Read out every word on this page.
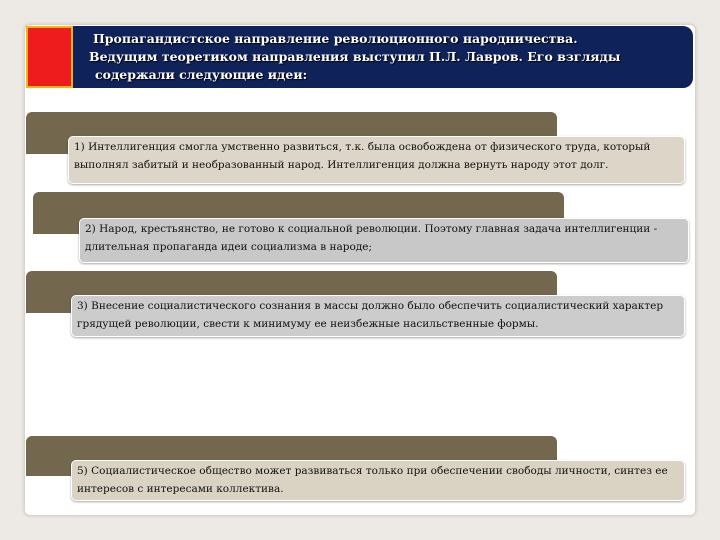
Пропагандистское направление революционного народничества.
Ведущим теоретиком направления выступил П.Л. Лавров. Его взгляды
содержали следующие идеи:
1) Интеллигенция смогла умственно развиться, т.к. была освобождена от физического труда, который выполнял забитый и необразованный народ. Интеллигенция должна вернуть народу этот долг.
2) Народ, крестьянство, не готово к социальной революции. Поэтому главная задача интеллигенции - длительная пропаганда идеи социализма в народе;
3) Внесение социалистического сознания в массы должно было обеспечить социалистический характер грядущей революции, свести к минимуму ее неизбежные насильственные формы.
5) Социалистическое общество может развиваться только при обеспечении свободы личности, синтез ее интересов с интересами коллектива.
